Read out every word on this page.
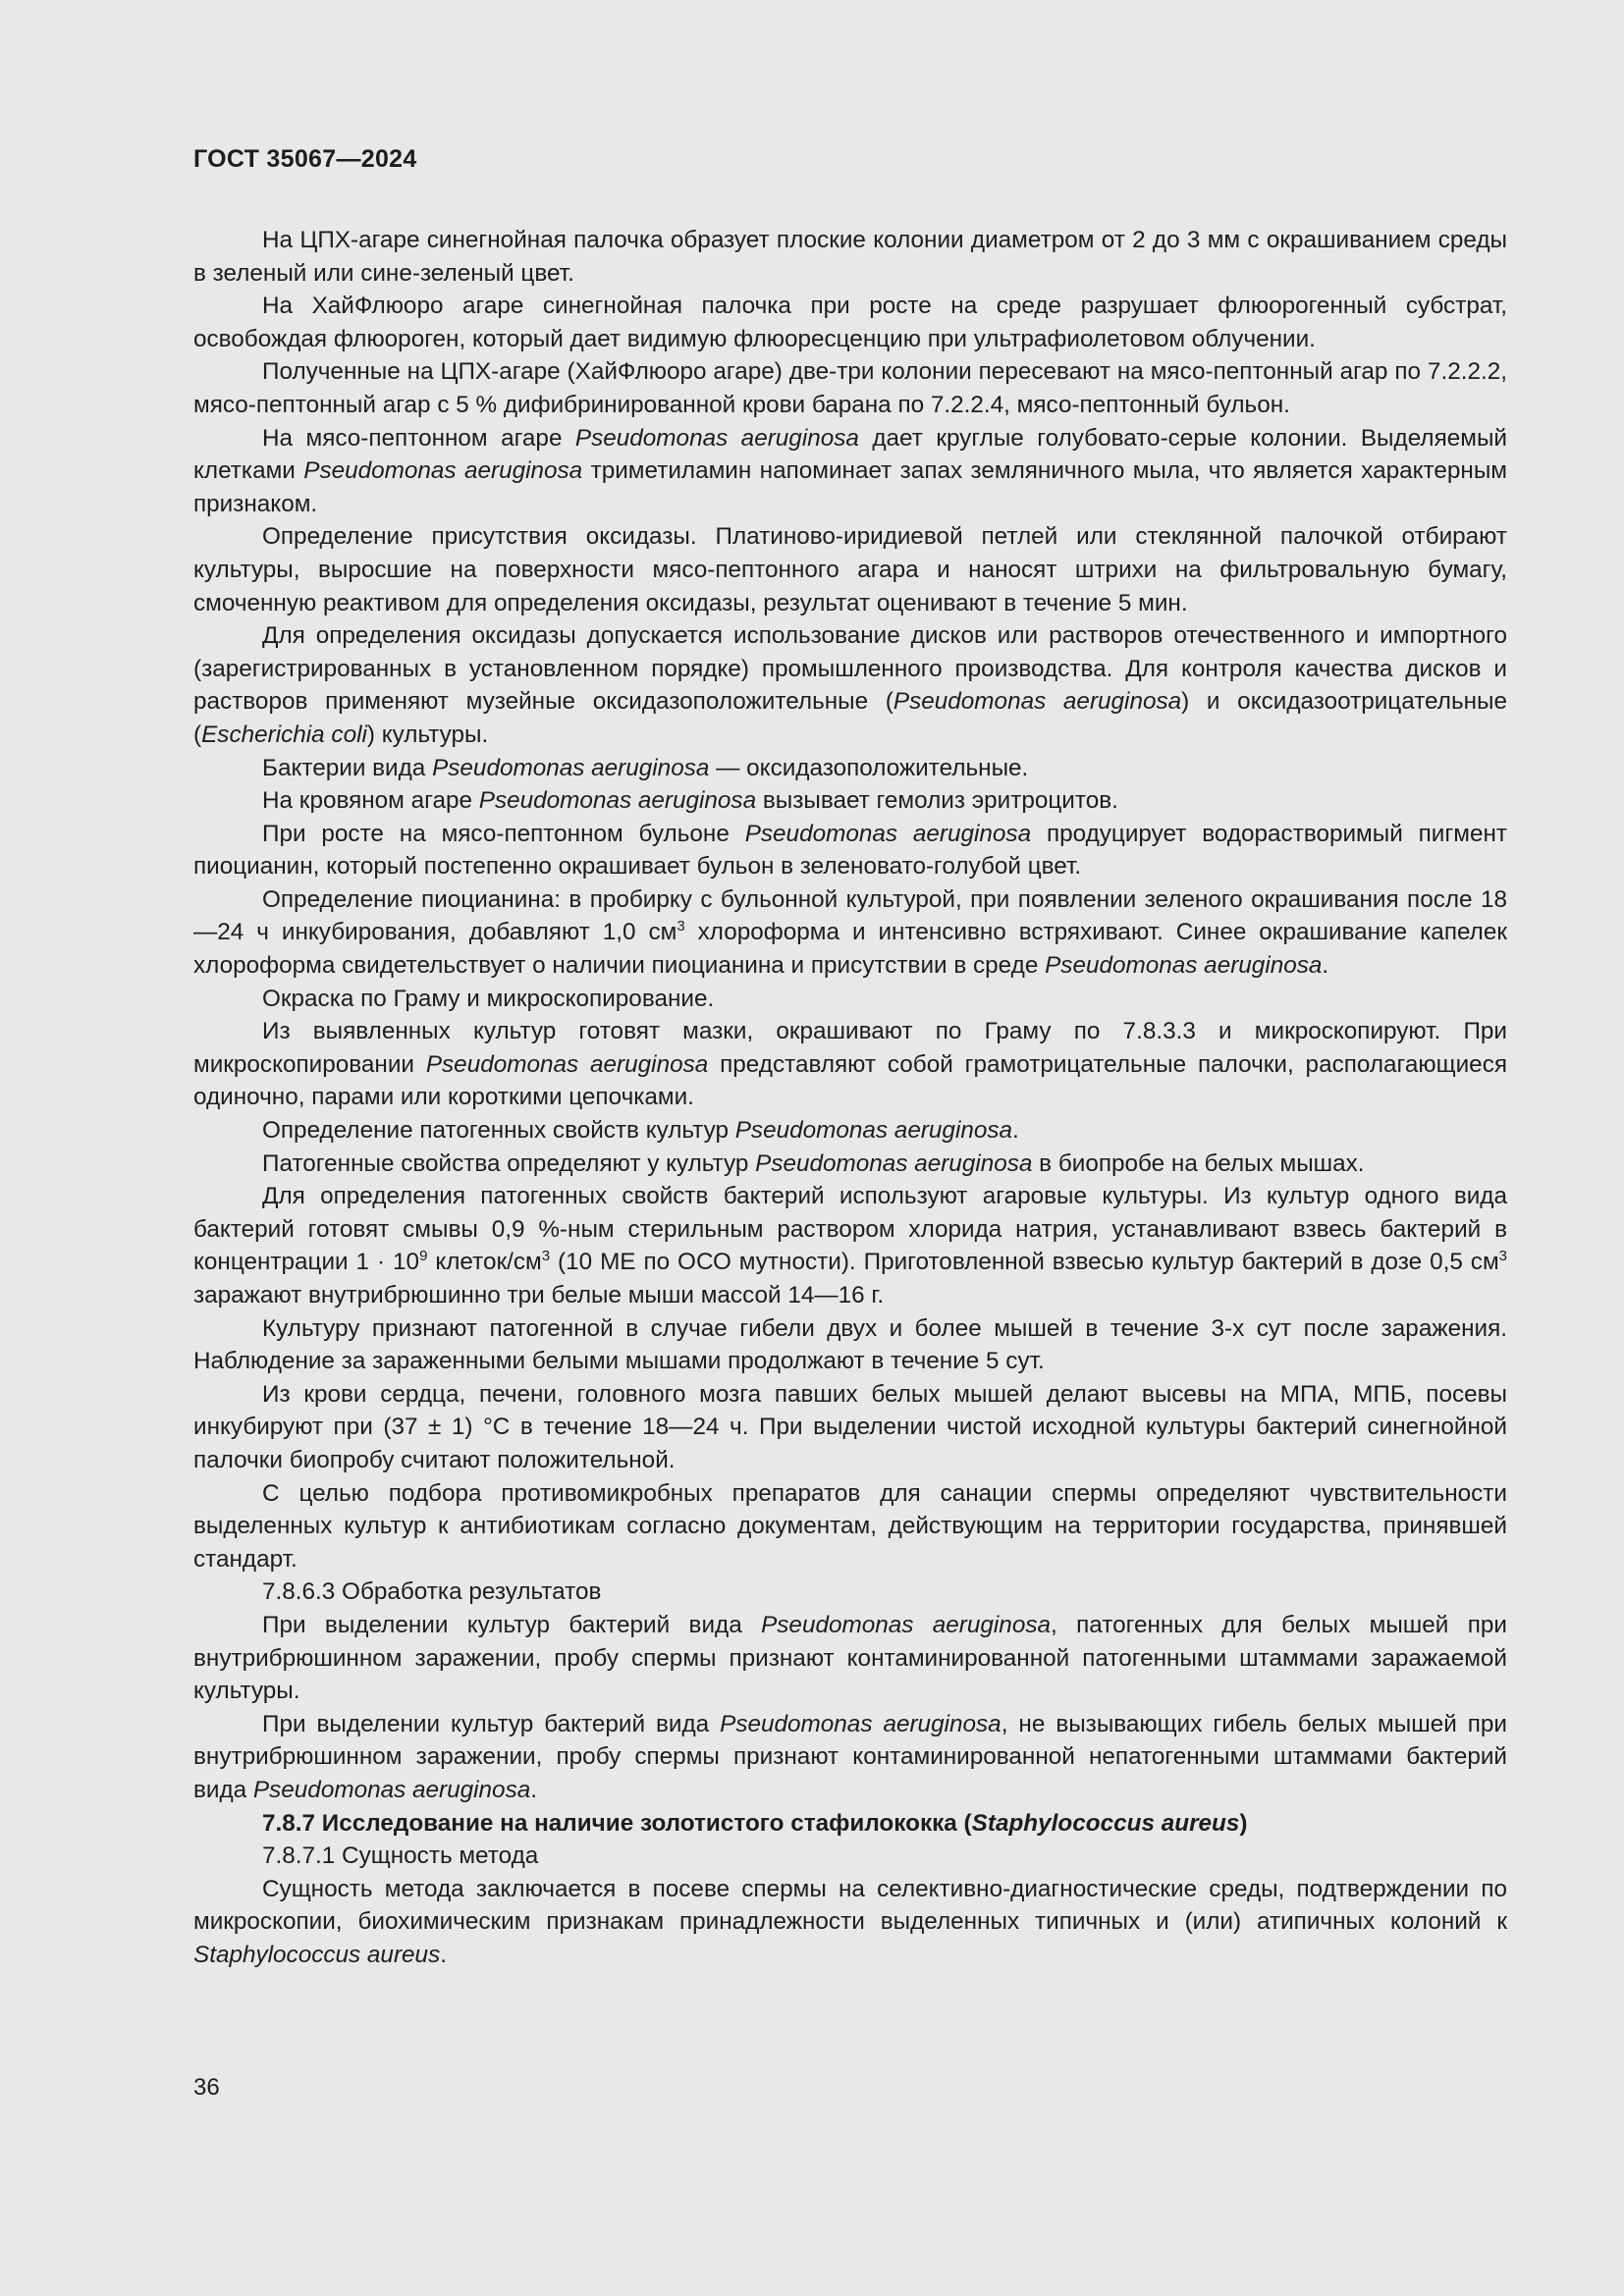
ГОСТ 35067—2024

На ЦПХ-агаре синегнойная палочка образует плоские колонии диаметром от 2 до 3 мм с окрашиванием среды в зеленый или сине-зеленый цвет.

На ХайФлюоро агаре синегнойная палочка при росте на среде разрушает флюорогенный субстрат, освобождая флюороген, который дает видимую флюоресценцию при ультрафиолетовом облучении.

Полученные на ЦПХ-агаре (ХайФлюоро агаре) две-три колонии пересевают на мясо-пептонный агар по 7.2.2.2, мясо-пептонный агар с 5 % дифибринированной крови барана по 7.2.2.4, мясо-пептонный бульон.

На мясо-пептонном агаре Pseudomonas aeruginosa дает круглые голубовато-серые колонии. Выделяемый клетками Pseudomonas aeruginosa триметиламин напоминает запах земляничного мыла, что является характерным признаком.

Определение присутствия оксидазы. Платиново-иридиевой петлей или стеклянной палочкой отбирают культуры, выросшие на поверхности мясо-пептонного агара и наносят штрихи на фильтровальную бумагу, смоченную реактивом для определения оксидазы, результат оценивают в течение 5 мин.

Для определения оксидазы допускается использование дисков или растворов отечественного и импортного (зарегистрированных в установленном порядке) промышленного производства. Для контроля качества дисков и растворов применяют музейные оксидазоположительные (Pseudomonas aeruginosa) и оксидазоотрицательные (Escherichia coli) культуры.

Бактерии вида Pseudomonas aeruginosa — оксидазоположительные.

На кровяном агаре Pseudomonas aeruginosa вызывает гемолиз эритроцитов.

При росте на мясо-пептонном бульоне Pseudomonas aeruginosa продуцирует водорастворимый пигмент пиоцианин, который постепенно окрашивает бульон в зеленовато-голубой цвет.

Определение пиоцианина: в пробирку с бульонной культурой, при появлении зеленого окрашивания после 18—24 ч инкубирования, добавляют 1,0 $см^3$ хлороформа и интенсивно встряхивают. Синее окрашивание капелек хлороформа свидетельствует о наличии пиоцианина и присутствии в среде Pseudomonas aeruginosa.

Окраска по Граму и микроскопирование.

Из выявленных культур готовят мазки, окрашивают по Граму по 7.8.3.3 и микроскопируют. При микроскопировании Pseudomonas aeruginosa представляют собой грамотрицательные палочки, располагающиеся одиночно, парами или короткими цепочками.

Определение патогенных свойств культур Pseudomonas aeruginosa.

Патогенные свойства определяют у культур Pseudomonas aeruginosa в биопробе на белых мышах.

Для определения патогенных свойств бактерий используют агаровые культуры. Из культур одного вида бактерий готовят смывы 0,9 %-ным стерильным раствором хлорида натрия, устанавливают взвесь бактерий в концентрации $1 \cdot 10^9$ клеток/$см^3$ (10 МЕ по ОСО мутности). Приготовленной взвесью культур бактерий в дозе 0,5 $см^3$ заражают внутрибрюшинно три белые мыши массой 14—16 г.

Культуру признают патогенной в случае гибели двух и более мышей в течение 3-х сут после заражения. Наблюдение за зараженными белыми мышами продолжают в течение 5 сут.

Из крови сердца, печени, головного мозга павших белых мышей делают высевы на МПА, МПБ, посевы инкубируют при (37 ± 1) °С в течение 18—24 ч. При выделении чистой исходной культуры бактерий синегнойной палочки биопробу считают положительной.

С целью подбора противомикробных препаратов для санации спермы определяют чувствительности выделенных культур к антибиотикам согласно документам, действующим на территории государства, принявшей стандарт.

7.8.6.3 Обработка результатов

При выделении культур бактерий вида Pseudomonas aeruginosa, патогенных для белых мышей при внутрибрюшинном заражении, пробу спермы признают контаминированной патогенными штаммами заражаемой культуры.

При выделении культур бактерий вида Pseudomonas aeruginosa, не вызывающих гибель белых мышей при внутрибрюшинном заражении, пробу спермы признают контаминированной непатогенными штаммами бактерий вида Pseudomonas aeruginosa.

7.8.7 Исследование на наличие золотистого стафилококка (Staphylococcus aureus)

7.8.7.1 Сущность метода

Сущность метода заключается в посеве спермы на селективно-диагностические среды, подтверждении по микроскопии, биохимическим признакам принадлежности выделенных типичных и (или) атипичных колоний к Staphylococcus aureus.

36
